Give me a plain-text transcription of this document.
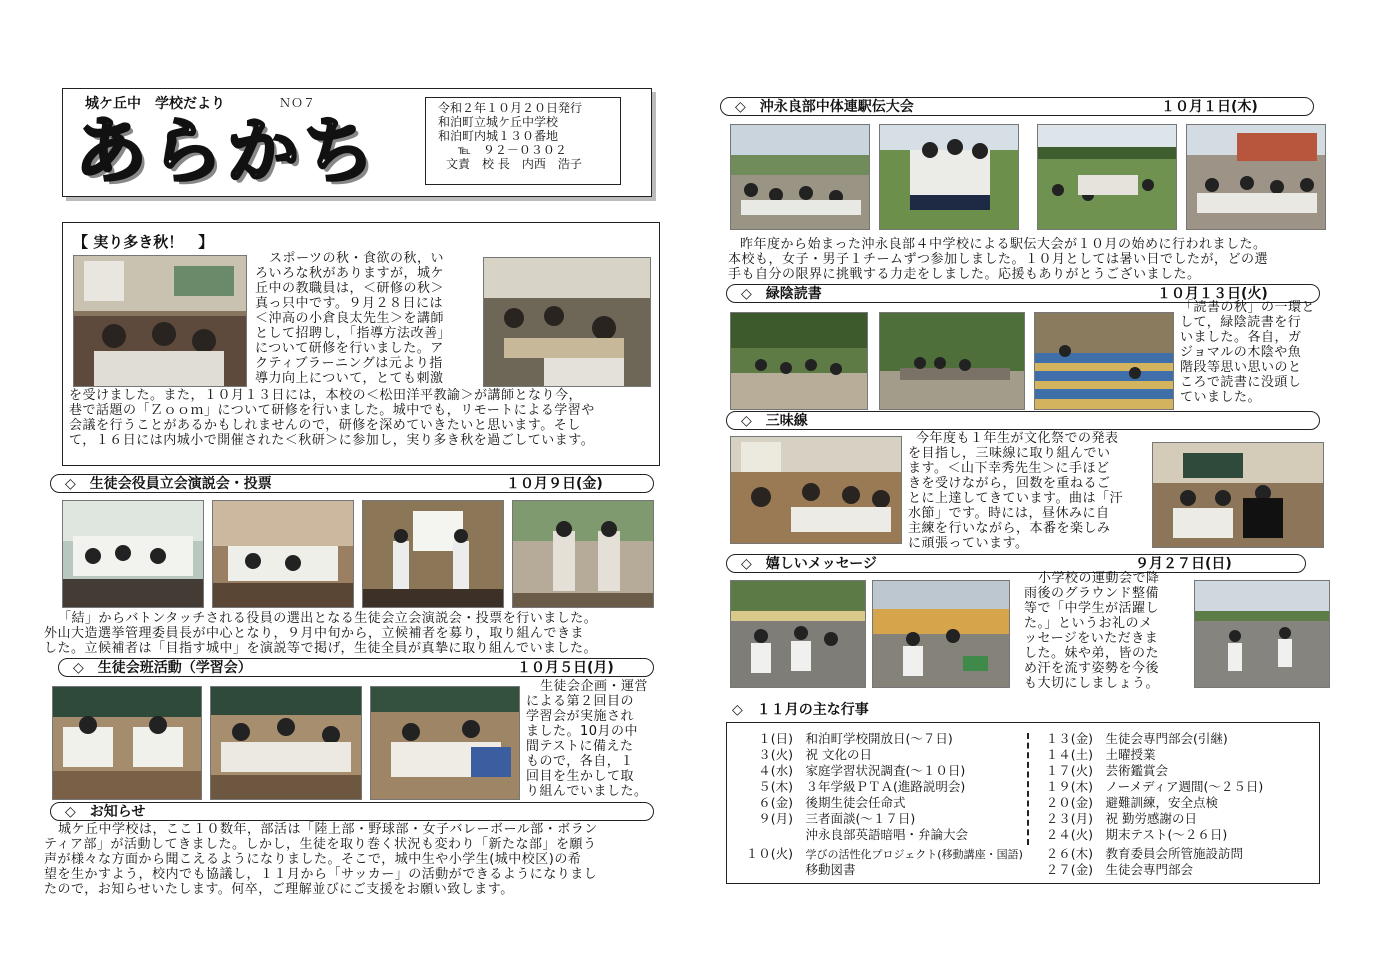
城ケ丘中　学校だより	ＮＯ７
あらかち	令和２年１０月２０日発行
和泊町立城ケ丘中学校
和泊町内城１３０番地
℡　９２－０３０２
文責　校 長　内西　浩子
【 実り多き秋！　】
スポーツの秋・食欲の秋，い
ろいろな秋がありますが，城ケ
丘中の教職員は，＜研修の秋＞
真っ只中です。９月２８日には
＜沖高の小倉良太先生＞を講師
として招聘し，｢指導方法改善｣
について研修を行いました。ア
クティブラーニングは元より指
導力向上について，とても刺激
を受けました。また，１０月１３日には，本校の＜松田洋平教諭＞が講師となり今，
巷で話題の「Ｚｏｏｍ」について研修を行いました。城中でも，リモートによる学習や
会議を行うことがあるかもしれませんので，研修を深めていきたいと思います。そし
て，１６日には内城小で開催された＜秋研＞に参加し，実り多き秋を過ごしています。
◇　生徒会役員立会演説会・投票	１０月９日(金)
「結」からバトンタッチされる役員の選出となる生徒会立会演説会・投票を行いました。
外山大造選挙管理委員長が中心となり，９月中旬から，立候補者を募り，取り組んできま
した。立候補者は「目指す城中」を演説等で掲げ，生徒全員が真摯に取り組んでいました。
◇　生徒会班活動（学習会）	１０月５日(月)
生徒会企画・運営
による第２回目の
学習会が実施され
ました。10月の中
間テストに備えた
もので，各自，１
回目を生かして取
り組んでいました。
◇　お知らせ
城ケ丘中学校は，ここ１０数年，部活は「陸上部・野球部・女子バレーボール部・ボラン
ティア部」が活動してきました。しかし，生徒を取り巻く状況も変わり「新たな部」を願う
声が様々な方面から聞こえるようになりました。そこで，城中生や小学生(城中校区)の希
望を生かすよう，校内でも協議し，１１月から「サッカー」の活動ができるようになりまし
たので，お知らせいたします。何卒，ご理解並びにご支援をお願い致します。
◇　沖永良部中体連駅伝大会	１０月１日(木)
昨年度から始まった沖永良部４中学校による駅伝大会が１０月の始めに行われました。
本校も，女子・男子１チームずつ参加しました。１０月としては暑い日でしたが，どの選
手も自分の限界に挑戦する力走をしました。応援もありがとうございました。
◇　緑陰読書	１０月１３日(火)
「読書の秋」の一環と
して，緑陰読書を行
いました。各自，ガ
ジョマルの木陰や魚
階段等思い思いのと
ころで読書に没頭し
ていました。
◇　三味線
今年度も１年生が文化祭での発表
を目指し，三味線に取り組んでい
ます。＜山下幸秀先生＞に手ほど
きを受けながら，回数を重ねるご
とに上達してきています。曲は「汗
水節」です。時には，昼休みに自
主練を行いながら，本番を楽しみ
に頑張っています。
◇　嬉しいメッセージ	９月２７日(日)
小学校の運動会で降
雨後のグラウンド整備
等で「中学生が活躍し
た。」というお礼のメ
ッセージをいただきま
した。妹や弟，皆のた
め汗を流す姿勢を今後
も大切にしましょう。
◇　１１月の主な行事
１(日)　 和泊町学校開放日(～７日)
３(火)　 祝 文化の日
４(水)　 家庭学習状況調査(～１０日)
５(木)　 ３年学級ＰＴＡ(進路説明会)
６(金)　 後期生徒会任命式
９(月)　 三者面談(～１７日)
　沖永良部英語暗唱・弁論大会
１０(火)　 学びの活性化プロジェクト(移動講座・国語)
　移動図書
１３(金)　 生徒会専門部会(引継)
１４(土)　 土曜授業
１７(火)　 芸術鑑賞会
１９(木)　 ノーメディア週間(～２５日)
２０(金)　 避難訓練，安全点検
２３(月)　 祝 勤労感謝の日
２４(火)　 期末テスト(～２６日)
２６(木)　 教育委員会所管施設訪問
２７(金)　 生徒会専門部会
